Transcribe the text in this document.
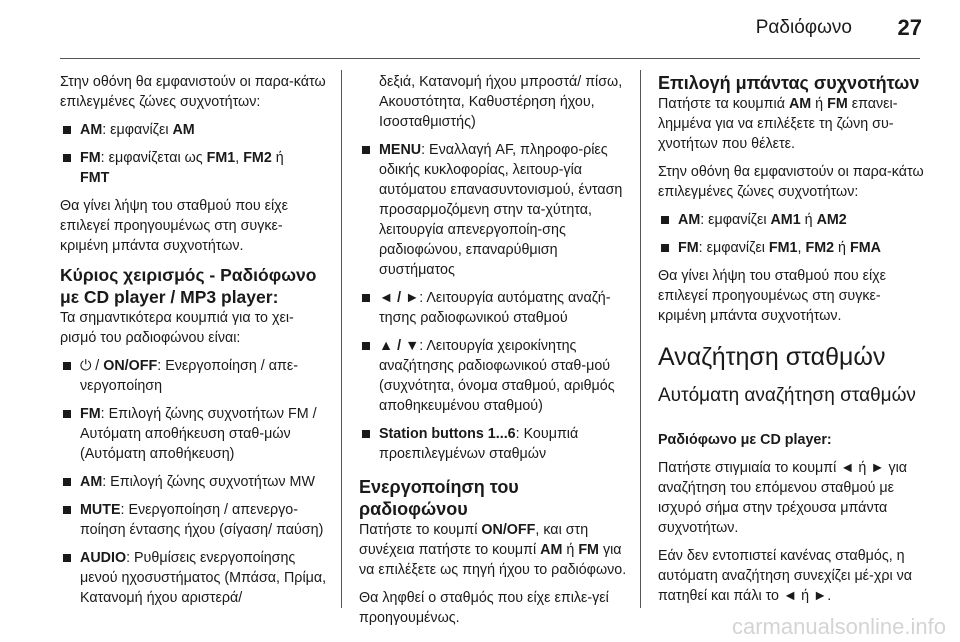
Ραδιόφωνο 27

Στην οθόνη θα εμφανιστούν οι παρα-κάτω επιλεγμένες ζώνες συχνοτήτων:

AM: εμφανίζει AM
FM: εμφανίζεται ως FM1, FM2 ή
FMT

Θα γίνει λήψη του σταθμού που είχε επιλεγεί προηγουμένως στη συγκε-κριμένη μπάντα συχνοτήτων.

Κύριος χειρισμός - Ραδιόφωνο με CD player / MP3 player:

Τα σημαντικότερα κουμπιά για το χει-ρισμό του ραδιοφώνου είναι:

⏻ / ON/OFF: Ενεργοποίηση / απε-νεργοποίηση
FM: Επιλογή ζώνης συχνοτήτων FM / Αυτόματη αποθήκευση σταθ-μών (Αυτόματη αποθήκευση)
AM: Επιλογή ζώνης συχνοτήτων MW
MUTE: Ενεργοποίηση / απενεργο-ποίηση έντασης ήχου (σίγαση/ παύση)
AUDIO: Ρυθμίσεις ενεργοποίησης μενού ηχοσυστήματος (Μπάσα, Πρίμα, Κατανομή ήχου αριστερά/

δεξιά, Κατανομή ήχου μπροστά/ πίσω, Ακουστότητα, Καθυστέρηση ήχου, Ισοσταθμιστής)

MENU: Εναλλαγή AF, πληροφο-ρίες οδικής κυκλοφορίας, λειτουρ-γία αυτόματου επανασυντονισμού, ένταση προσαρμοζόμενη στην τα-χύτητα, λειτουργία απενεργοποίη-σης ραδιοφώνου, επαναρύθμιση συστήματος
◄ / ►: Λειτουργία αυτόματης αναζή-τησης ραδιοφωνικού σταθμού
▲ / ▼: Λειτουργία χειροκίνητης αναζήτησης ραδιοφωνικού σταθ-μού (συχνότητα, όνομα σταθμού, αριθμός αποθηκευμένου σταθμού)
Station buttons 1...6: Κουμπιά προεπιλεγμένων σταθμών
Ενεργοποίηση του ραδιοφώνου

Πατήστε το κουμπί ON/OFF, και στη συνέχεια πατήστε το κουμπί AM ή FM για να επιλέξετε ως πηγή ήχου το ραδιόφωνο.

Θα ληφθεί ο σταθμός που είχε επιλε-γεί προηγουμένως.

Επιλογή μπάντας συχνοτήτων

Πατήστε τα κουμπιά AM ή FM επανει-λημμένα για να επιλέξετε τη ζώνη συ-χνοτήτων που θέλετε.

Στην οθόνη θα εμφανιστούν οι παρα-κάτω επιλεγμένες ζώνες συχνοτήτων:

AM: εμφανίζει AM1 ή AM2
FM: εμφανίζει FM1, FM2 ή FMA

Θα γίνει λήψη του σταθμού που είχε επιλεγεί προηγουμένως στη συγκε-κριμένη μπάντα συχνοτήτων.

Αναζήτηση σταθμών
Αυτόματη αναζήτηση σταθμών

Ραδιόφωνο με CD player:

Πατήστε στιγμιαία το κουμπί ◄ ή ► για αναζήτηση του επόμενου σταθμού με ισχυρό σήμα στην τρέχουσα μπάντα συχνοτήτων.

Εάν δεν εντοπιστεί κανένας σταθμός, η αυτόματη αναζήτηση συνεχίζει μέ-χρι να πατηθεί και πάλι το ◄ ή ►.

carmanualsonline.info
